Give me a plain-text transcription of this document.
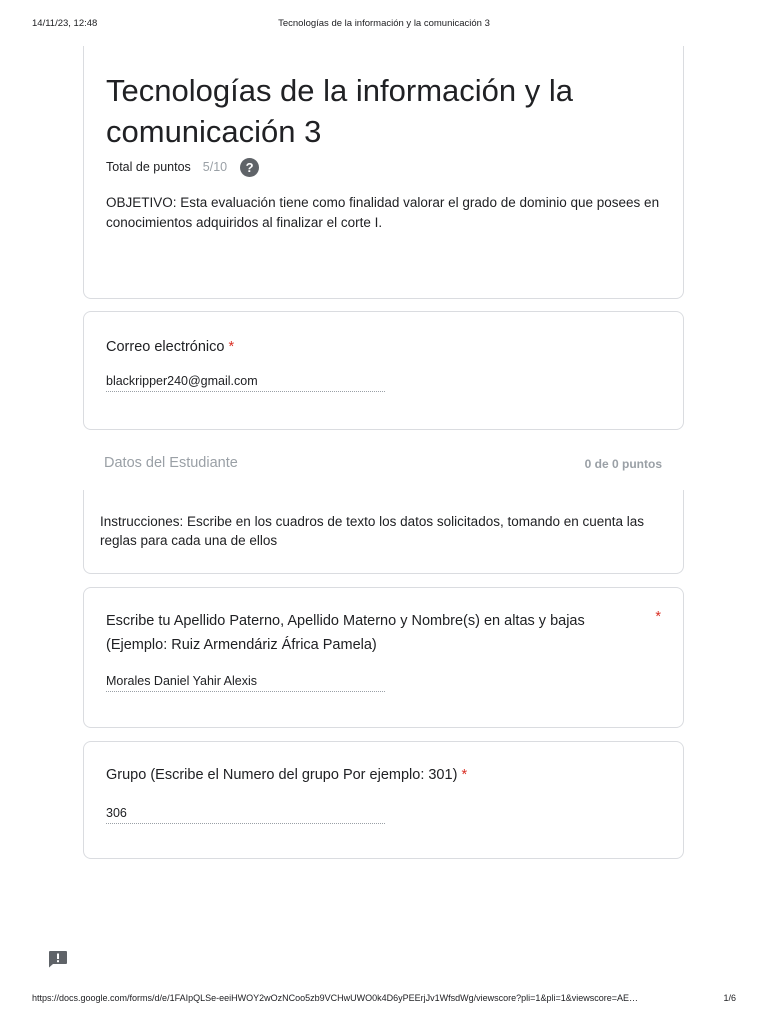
14/11/23, 12:48	Tecnologías de la información y la comunicación 3
Tecnologías de la información y la comunicación 3
Total de puntos 5/10	?
OBJETIVO: Esta evaluación tiene como finalidad valorar el grado de dominio que posees en conocimientos adquiridos al finalizar el corte I.
Correo electrónico *
blackripper240@gmail.com
Datos del Estudiante	0 de 0 puntos
Instrucciones: Escribe en los cuadros de texto los datos solicitados, tomando en cuenta las reglas para cada una de ellos
Escribe tu Apellido Paterno, Apellido Materno y Nombre(s) en altas y bajas (Ejemplo: Ruiz Armendáriz África Pamela)
*
Morales Daniel Yahir Alexis
Grupo (Escribe el Numero del grupo Por ejemplo: 301) *
306
https://docs.google.com/forms/d/e/1FAIpQLSe-eeiHWOY2wOzNCoo5zb9VCHwUWO0k4D6yPEErjJv1WfsdWg/viewscore?pli=1&pli=1&viewscore=AE…	1/6
